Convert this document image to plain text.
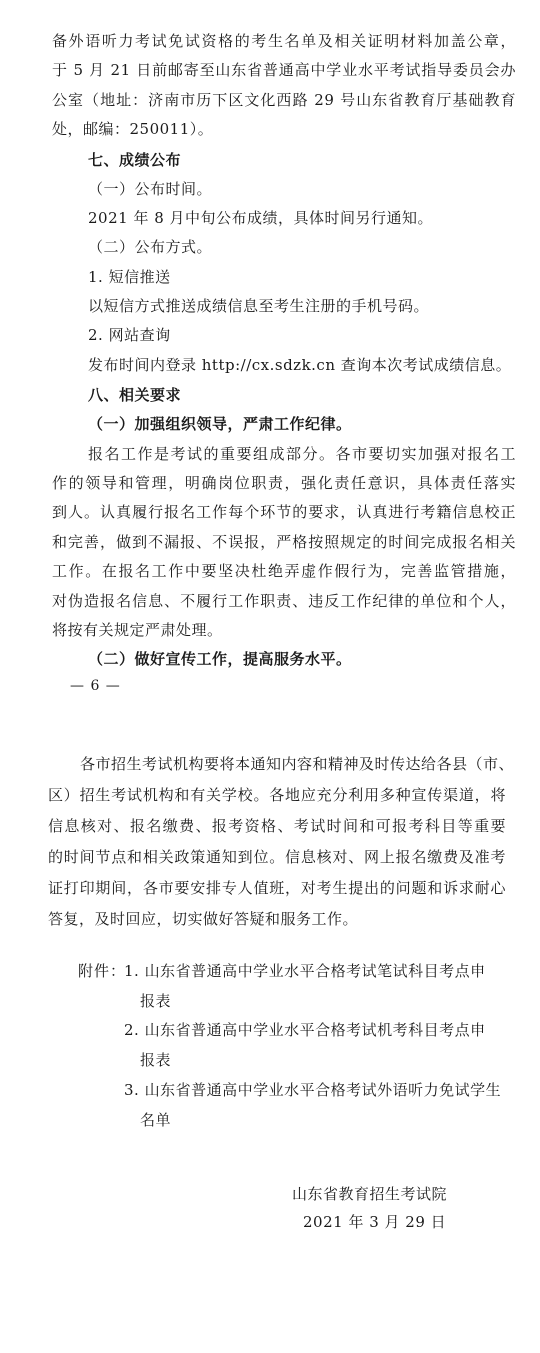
备外语听力考试免试资格的考生名单及相关证明材料加盖公章，
于 5 月 21 日前邮寄至山东省普通高中学业水平考试指导委员会办
公室（地址：济南市历下区文化西路 29 号山东省教育厅基础教育
处，邮编：250011）。
七、成绩公布
（一）公布时间。
2021 年 8 月中旬公布成绩，具体时间另行通知。
（二）公布方式。
1. 短信推送
以短信方式推送成绩信息至考生注册的手机号码。
2. 网站查询
发布时间内登录 http://cx.sdzk.cn 查询本次考试成绩信息。
八、相关要求
（一）加强组织领导，严肃工作纪律。
报名工作是考试的重要组成部分。各市要切实加强对报名工
作的领导和管理，明确岗位职责，强化责任意识，具体责任落实
到人。认真履行报名工作每个环节的要求，认真进行考籍信息校正
和完善，做到不漏报、不误报，严格按照规定的时间完成报名相关
工作。在报名工作中要坚决杜绝弄虚作假行为，完善监管措施，
对伪造报名信息、不履行工作职责、违反工作纪律的单位和个人，
将按有关规定严肃处理。
（二）做好宣传工作，提高服务水平。
— 6 —
各市招生考试机构要将本通知内容和精神及时传达给各县（市、
区）招生考试机构和有关学校。各地应充分利用多种宣传渠道，将
信息核对、报名缴费、报考资格、考试时间和可报考科目等重要
的时间节点和相关政策通知到位。信息核对、网上报名缴费及准考
证打印期间，各市要安排专人值班，对考生提出的问题和诉求耐心
答复，及时回应，切实做好答疑和服务工作。
附件：
1. 山东省普通高中学业水平合格考试笔试科目考点申
报表
2. 山东省普通高中学业水平合格考试机考科目考点申
报表
3. 山东省普通高中学业水平合格考试外语听力免试学生
名单
山东省教育招生考试院
2021 年 3 月 29 日
